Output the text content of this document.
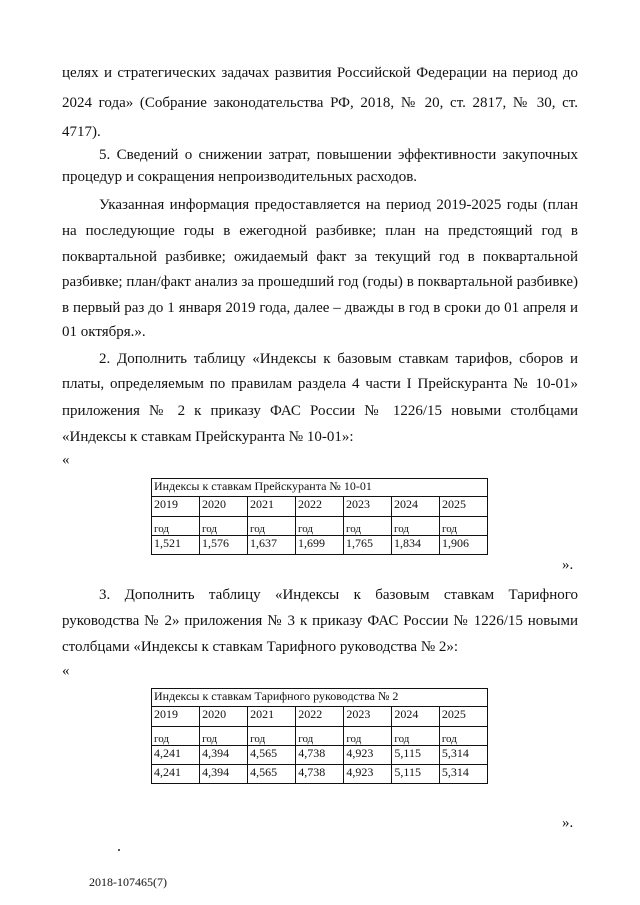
целях и стратегических задачах развития Российской Федерации на период до
2024 года» (Собрание законодательства РФ, 2018, № 20, ст. 2817, № 30, ст.
4717).
5. Сведений о снижении затрат, повышении эффективности закупочных
процедур и сокращения непроизводительных расходов.
Указанная информация предоставляется на период 2019-2025 годы (план
на последующие годы в ежегодной разбивке; план на предстоящий год в
поквартальной разбивке; ожидаемый факт за текущий год в поквартальной
разбивке; план/факт анализ за прошедший год (годы) в поквартальной разбивке)
в первый раз до 1 января 2019 года, далее – дважды в год в сроки до 01 апреля и
01 октября.».
2. Дополнить таблицу «Индексы к базовым ставкам тарифов, сборов и
платы, определяемым по правилам раздела 4 части I Прейскуранта № 10-01»
приложения № 2 к приказу ФАС России № 1226/15 новыми столбцами
«Индексы к ставкам Прейскуранта № 10-01»:
«
Индексы к ставкам Прейскуранта № 10-01						
2019	2020	2021	2022	2023	2024	2025
год	год	год	год	год	год	год
1,521	1,576	1,637	1,699	1,765	1,834	1,906
».
3. Дополнить таблицу «Индексы к базовым ставкам Тарифного
руководства № 2» приложения № 3 к приказу ФАС России № 1226/15 новыми
столбцами «Индексы к ставкам Тарифного руководства № 2»:
«
Индексы к ставкам Тарифного руководства № 2						
2019	2020	2021	2022	2023	2024	2025
год	год	год	год	год	год	год
4,241	4,394	4,565	4,738	4,923	5,115	5,314
4,241	4,394	4,565	4,738	4,923	5,115	5,314
».
2018-107465(7)
